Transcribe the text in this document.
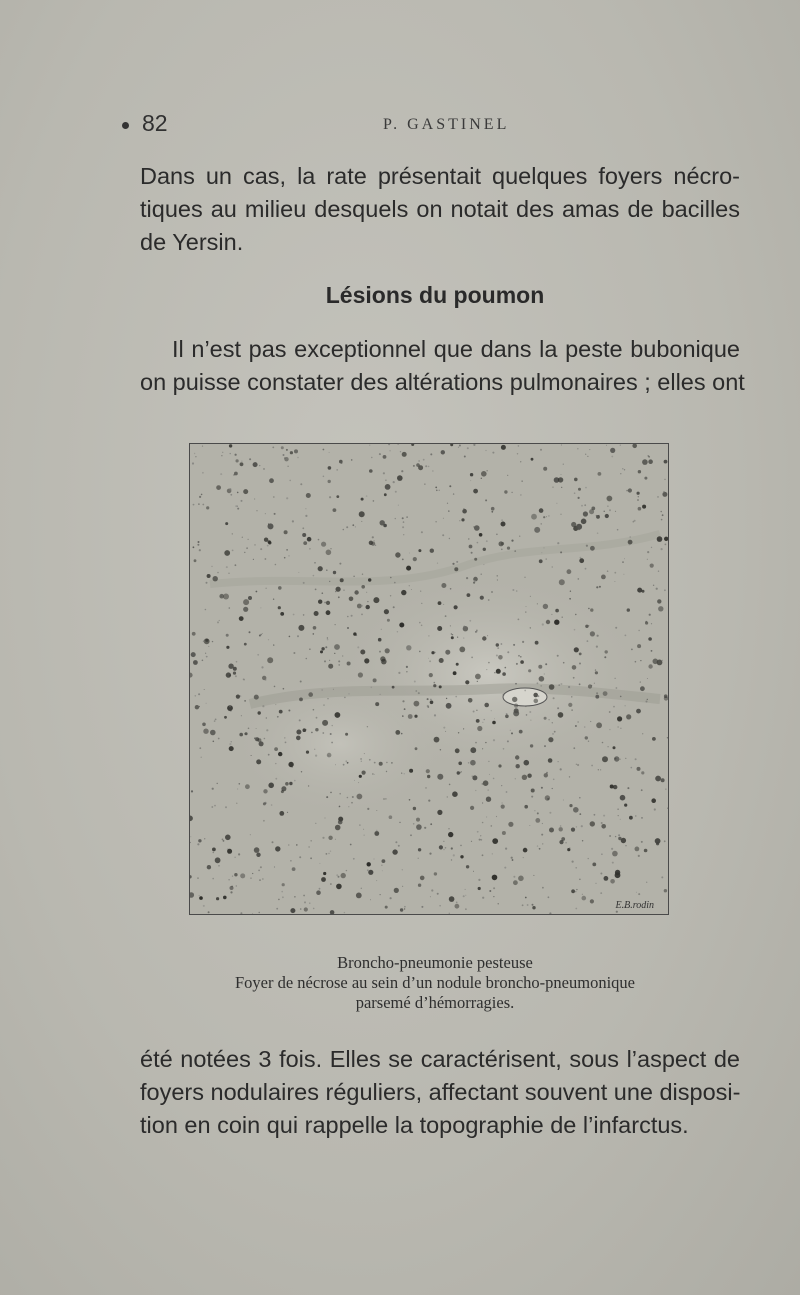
82	P. GASTINEL
Dans un cas, la rate présentait quelques foyers nécro-
tiques au milieu desquels on notait des amas de bacilles
de Yersin.
Lésions du poumon
Il n’est pas exceptionnel que dans la peste bubonique
on puisse constater des altérations pulmonaires ; elles ont
E.B.rodin
Broncho-pneumonie pesteuse
Foyer de nécrose au sein d’un nodule broncho-pneumonique
parsemé d’hémorragies.
été notées 3 fois. Elles se caractérisent, sous l’aspect de
foyers nodulaires réguliers, affectant souvent une disposi-
tion en coin qui rappelle la topographie de l’infarctus.
